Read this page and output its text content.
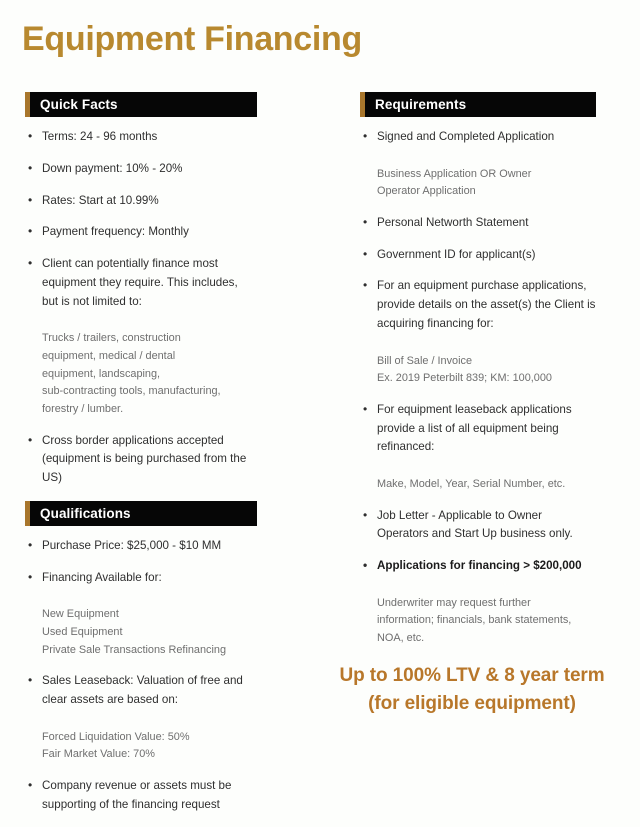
Equipment Financing
Quick Facts
• Terms: 24 - 96 months
• Down payment: 10% - 20%
• Rates: Start at 10.99%
• Payment frequency: Monthly
• Client can potentially finance most equipment they require. This includes, but is not limited to:
Trucks / trailers, construction
equipment, medical / dental
equipment, landscaping,
sub-contracting tools, manufacturing,
forestry / lumber.
• Cross border applications accepted (equipment is being purchased from the US)
Qualifications
• Purchase Price: $25,000 - $10 MM
• Financing Available for:
New Equipment
Used Equipment
Private Sale Transactions Refinancing
• Sales Leaseback: Valuation of free and clear assets are based on:
Forced Liquidation Value: 50%
Fair Market Value: 70%
• Company revenue or assets must be supporting of the financing request
Requirements
• Signed and Completed Application
Business Application OR Owner
Operator Application
• Personal Networth Statement
• Government ID for applicant(s)
• For an equipment purchase applications, provide details on the asset(s) the Client is acquiring financing for:
Bill of Sale / Invoice
Ex. 2019 Peterbilt 839; KM: 100,000
• For equipment leaseback applications provide a list of all equipment being refinanced:
Make, Model, Year, Serial Number, etc.
• Job Letter - Applicable to Owner Operators and Start Up business only.
• Applications for financing > $200,000
Underwriter may request further
information; financials, bank statements,
NOA, etc.
Up to 100% LTV & 8 year term
(for eligible equipment)
